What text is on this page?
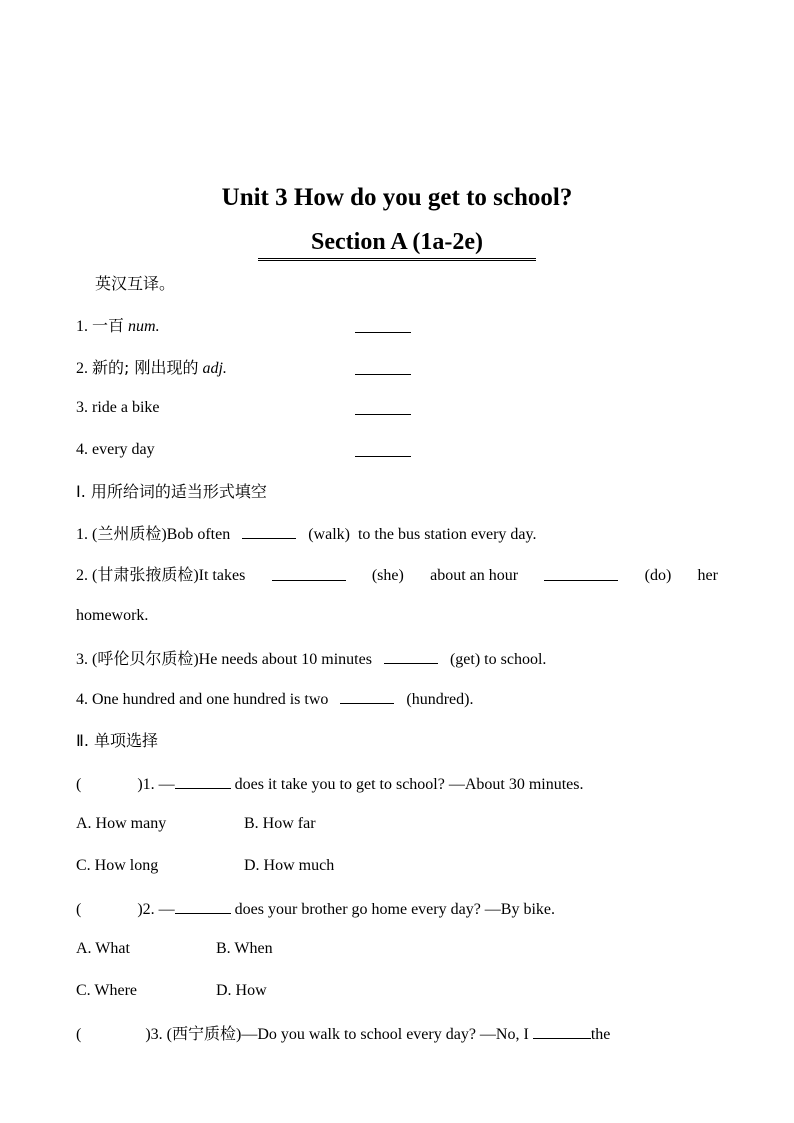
Unit 3 How do you get to school?
Section A (1a-2e)
英汉互译。
1. 一百 num.
2. 新的; 刚出现的 adj.
3. ride a bike
4. every day
Ⅰ. 用所给词的适当形式填空
1. (兰州质检)Bob often	(walk) to the bus station every day.
2. (甘肃张掖质检)It takes	(she) about an hour	(do) her
homework.
3. (呼伦贝尔质检)He needs about 10 minutes	(get) to school.
4. One hundred and one hundred is two	(hundred).
Ⅱ. 单项选择
(	)1. —	does it take you to get to school? —About 30 minutes.
A. How many	B. How far
C. How long	D. How much
(	)2. —	does your brother go home every day? —By bike.
A. What	B. When
C. Where	D. How
(	)3. (西宁质检)—Do you walk to school every day? —No, I	the
